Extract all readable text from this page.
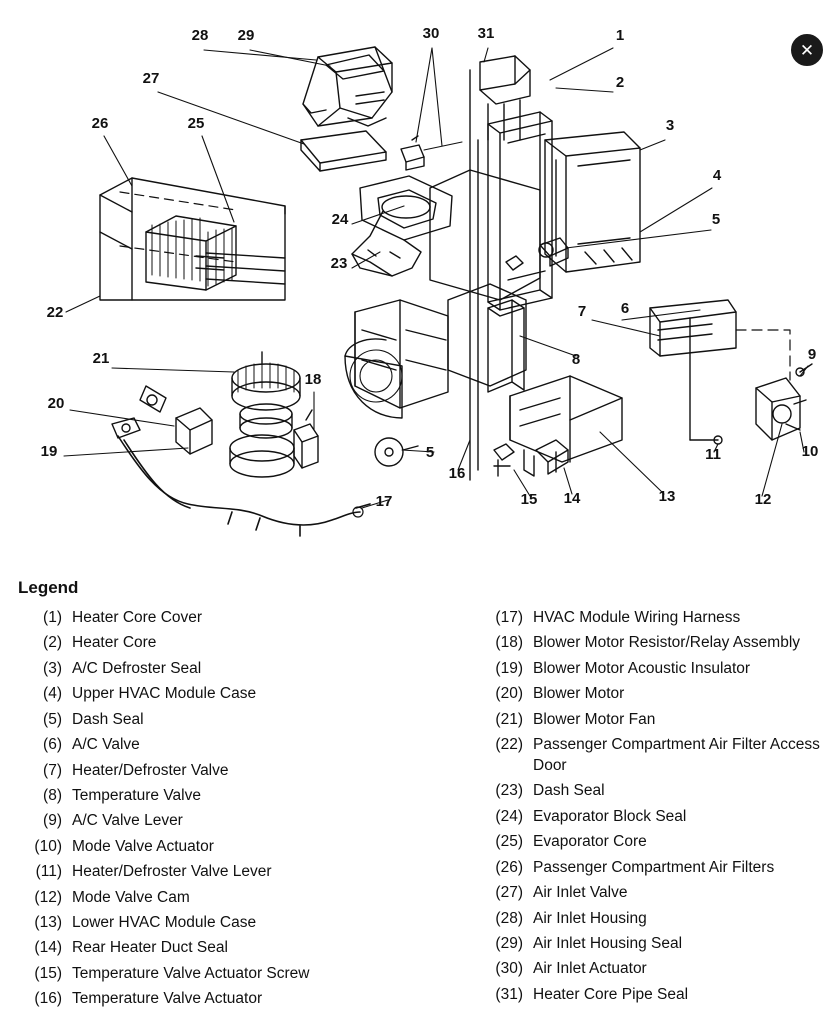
✕
1
2
3
4
5
6
7
8	9
10
11
12
13
14
15
16
5
17
18
19
20
21
22
23
24
25
26
27
28 29	30	31
Legend
(1) Heater Core Cover
(2) Heater Core
(3) A/C Defroster Seal
(4) Upper HVAC Module Case
(5) Dash Seal
(6) A/C Valve
(7) Heater/Defroster Valve
(8) Temperature Valve
(9) A/C Valve Lever
(10) Mode Valve Actuator
(11) Heater/Defroster Valve Lever
(12) Mode Valve Cam
(13) Lower HVAC Module Case
(14) Rear Heater Duct Seal
(15) Temperature Valve Actuator Screw
(16) Temperature Valve Actuator
(17) HVAC Module Wiring Harness
(18) Blower Motor Resistor/Relay Assembly
(19) Blower Motor Acoustic Insulator
(20) Blower Motor
(21) Blower Motor Fan
(22) Passenger Compartment Air Filter Access Door
(23) Dash Seal
(24) Evaporator Block Seal
(25) Evaporator Core
(26) Passenger Compartment Air Filters
(27) Air Inlet Valve
(28) Air Inlet Housing
(29) Air Inlet Housing Seal
(30) Air Inlet Actuator
(31) Heater Core Pipe Seal
